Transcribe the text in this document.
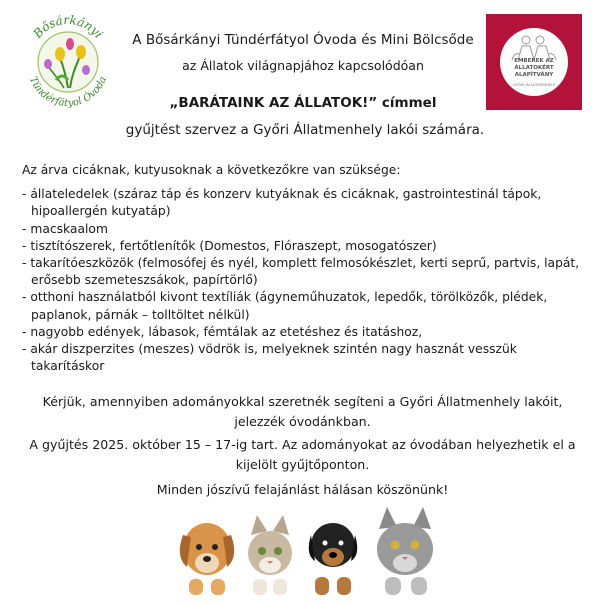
Bősárkányi
Tündérfátyol Óvoda
EMBEREK AZ
ÁLLATOKÉRT
ALAPÍTVÁNY
GYŐRI ÁLLATMENHELY
A Bősárkányi Tündérfátyol Óvoda és Mini Bölcsőde
az Állatok világnapjához kapcsolódóan
„BARÁTAINK AZ ÁLLATOK!” címmel
gyűjtést szervez a Győri Állatmenhely lakói számára.
Az árva cicáknak, kutyusoknak a következőkre van szüksége:
- állateledelek (száraz táp és konzerv kutyáknak és cicáknak, gastrointestinál tápok, hipoallergén kutyatáp)
- macskaalom
- tisztítószerek, fertőtlenítők (Domestos, Flóraszept, mosogatószer)
- takarítóeszközök (felmosófej és nyél, komplett felmosókészlet, kerti seprű, partvis, lapát, erősebb szemeteszsákok, papírtörlő)
- otthoni használatból kivont textíliák (ágyneműhuzatok, lepedők, törölközők, plédek, paplanok, párnák – tolltöltet nélkül)
- nagyobb edények, lábasok, fémtálak az etetéshez és itatáshoz,
- akár diszperzites (meszes) vödrök is, melyeknek szintén nagy hasznát vesszük takarításkor
Kérjük, amennyiben adományokkal szeretnék segíteni a Győri Állatmenhely lakóit, jelezzék óvodánkban.
A gyűjtés 2025. október 15 – 17-ig tart. Az adományokat az óvodában helyezhetik el a kijelölt gyűjtőponton.
Minden jószívű felajánlást hálásan köszönünk!
